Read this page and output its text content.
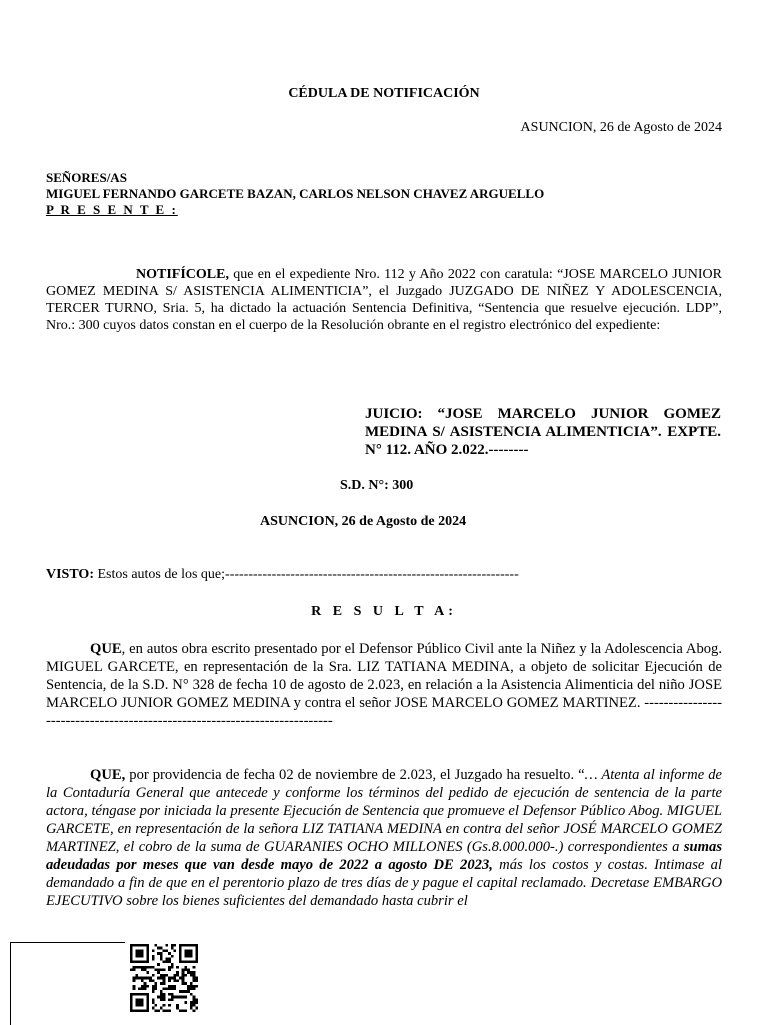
CÉDULA DE NOTIFICACIÓN
ASUNCION, 26 de Agosto de 2024
SEÑORES/AS
MIGUEL FERNANDO GARCETE BAZAN, CARLOS NELSON CHAVEZ ARGUELLO
P R E S E N T E :
NOTIFÍCOLE, que en el expediente Nro. 112 y Año 2022 con caratula: “JOSE MARCELO JUNIOR GOMEZ MEDINA S/ ASISTENCIA ALIMENTICIA”, el Juzgado JUZGADO DE NIÑEZ Y ADOLESCENCIA, TERCER TURNO, Sria. 5, ha dictado la actuación Sentencia Definitiva, “Sentencia que resuelve ejecución. LDP”, Nro.: 300 cuyos datos constan en el cuerpo de la Resolución obrante en el registro electrónico del expediente:
JUICIO: “JOSE MARCELO JUNIOR GOMEZ MEDINA S/ ASISTENCIA ALIMENTICIA”. EXPTE. N° 112. AÑO 2.022.--------
S.D. N°: 300
ASUNCION, 26 de Agosto de 2024
VISTO: Estos autos de los que;---------------------------------------------------------------
R E S U L T A:
QUE, en autos obra escrito presentado por el Defensor Público Civil ante la Niñez y la Adolescencia Abog. MIGUEL GARCETE, en representación de la Sra. LIZ TATIANA MEDINA, a objeto de solicitar Ejecución de Sentencia, de la S.D. N° 328 de fecha 10 de agosto de 2.023, en relación a la Asistencia Alimenticia del niño JOSE MARCELO JUNIOR GOMEZ MEDINA y contra el señor JOSE MARCELO GOMEZ MARTINEZ. ---------------------------------------------------------------------------
QUE, por providencia de fecha 02 de noviembre de 2.023, el Juzgado ha resuelto. “… Atenta al informe de la Contaduría General que antecede y conforme los términos del pedido de ejecución de sentencia de la parte actora, téngase por iniciada la presente Ejecución de Sentencia que promueve el Defensor Público Abog. MIGUEL GARCETE, en representación de la señora LIZ TATIANA MEDINA en contra del señor JOSÉ MARCELO GOMEZ MARTINEZ, el cobro de la suma de GUARANIES OCHO MILLONES (Gs.8.000.000-.) correspondientes a sumas adeudadas por meses que van desde mayo de 2022 a agosto DE 2023, más los costos y costas. Intimase al demandado a fin de que en el perentorio plazo de tres días de y pague el capital reclamado. Decretase EMBARGO EJECUTIVO sobre los bienes suficientes del demandado hasta cubrir el
